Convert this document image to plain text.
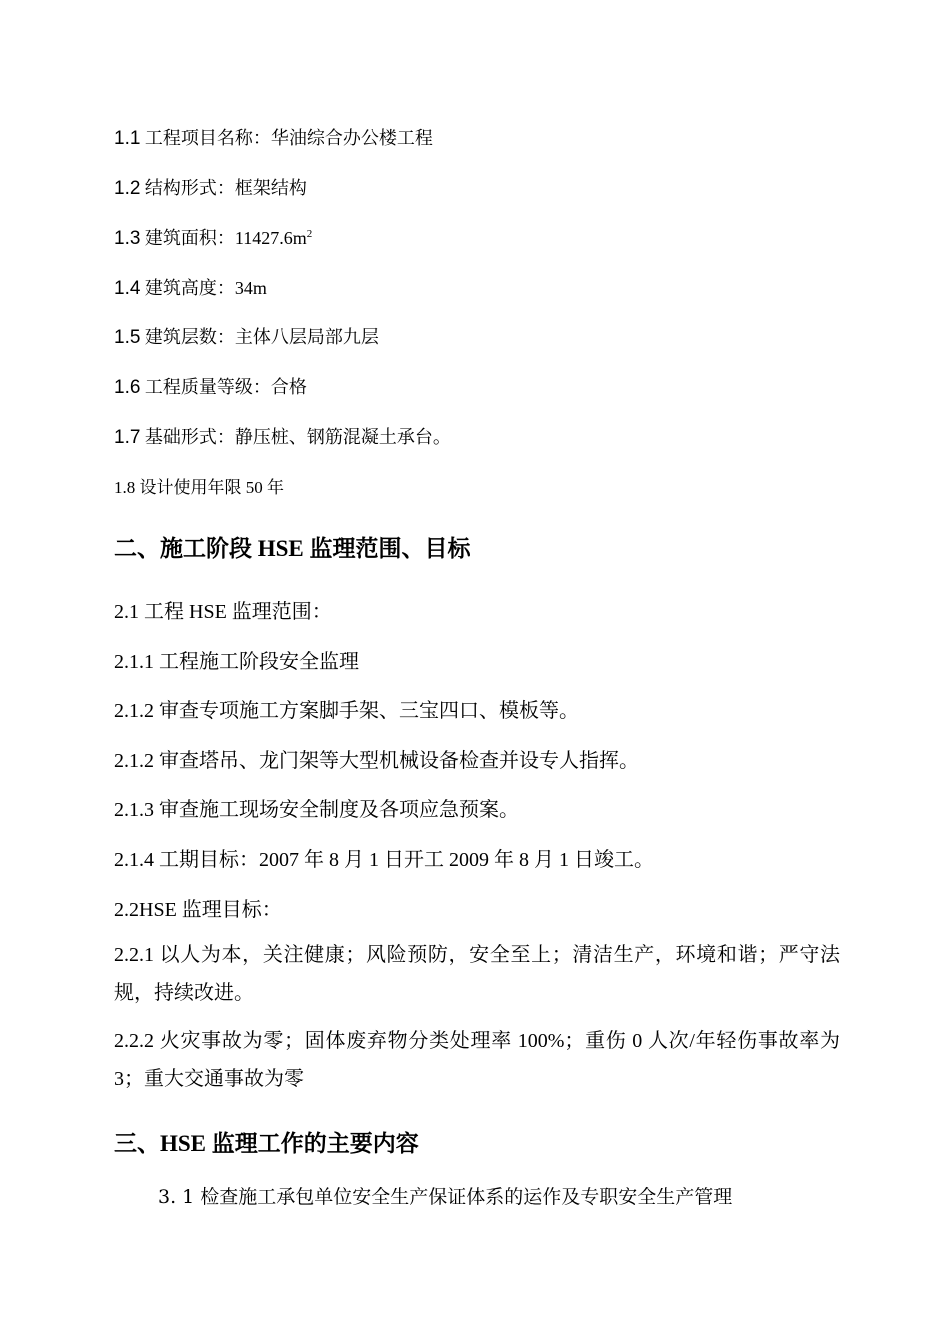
1.1 工程项目名称：华油综合办公楼工程
1.2 结构形式：框架结构
1.3 建筑面积：$11427.6m^2$
1.4 建筑高度：34m
1.5 建筑层数：主体八层局部九层
1.6 工程质量等级：合格
1.7 基础形式：静压桩、钢筋混凝土承台。
1.8 设计使用年限 50 年
二、施工阶段 HSE 监理范围、目标
2.1 工程 HSE 监理范围：
2.1.1 工程施工阶段安全监理
2.1.2 审查专项施工方案脚手架、三宝四口、模板等。
2.1.2 审查塔吊、龙门架等大型机械设备检查并设专人指挥。
2.1.3 审查施工现场安全制度及各项应急预案。
2.1.4 工期目标：2007 年 8 月 1 日开工 2009 年 8 月 1 日竣工。
2.2HSE 监理目标：
2.2.1 以人为本，关注健康；风险预防，安全至上；清洁生产，环境和谐；严守法规，持续改进。
2.2.2 火灾事故为零；固体废弃物分类处理率 100%；重伤 0 人次/年轻伤事故率为 3；重大交通事故为零
三、HSE 监理工作的主要内容
3. 1 检查施工承包单位安全生产保证体系的运作及专职安全生产管理
